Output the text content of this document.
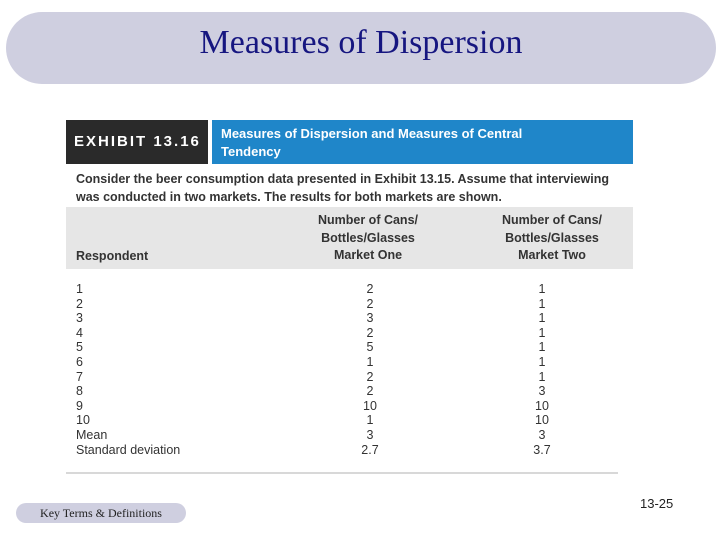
Measures of Dispersion
EXHIBIT 13.16	Measures of Dispersion and Measures of Central
Tendency
Consider the beer consumption data presented in Exhibit 13.15. Assume that interviewing
was conducted in two markets. The results for both markets are shown.
Respondent
Number of Cans/
Bottles/Glasses
Market One
Number of Cans/
Bottles/Glasses
Market Two
1	2	1
2	2	1
3	3	1
4	2	1
5	5	1
6	1	1
7	2	1
8	2	3
9	10	10
10	1	10
Mean	3	3
Standard deviation	2.7	3.7
Key Terms & Definitions
13-25
